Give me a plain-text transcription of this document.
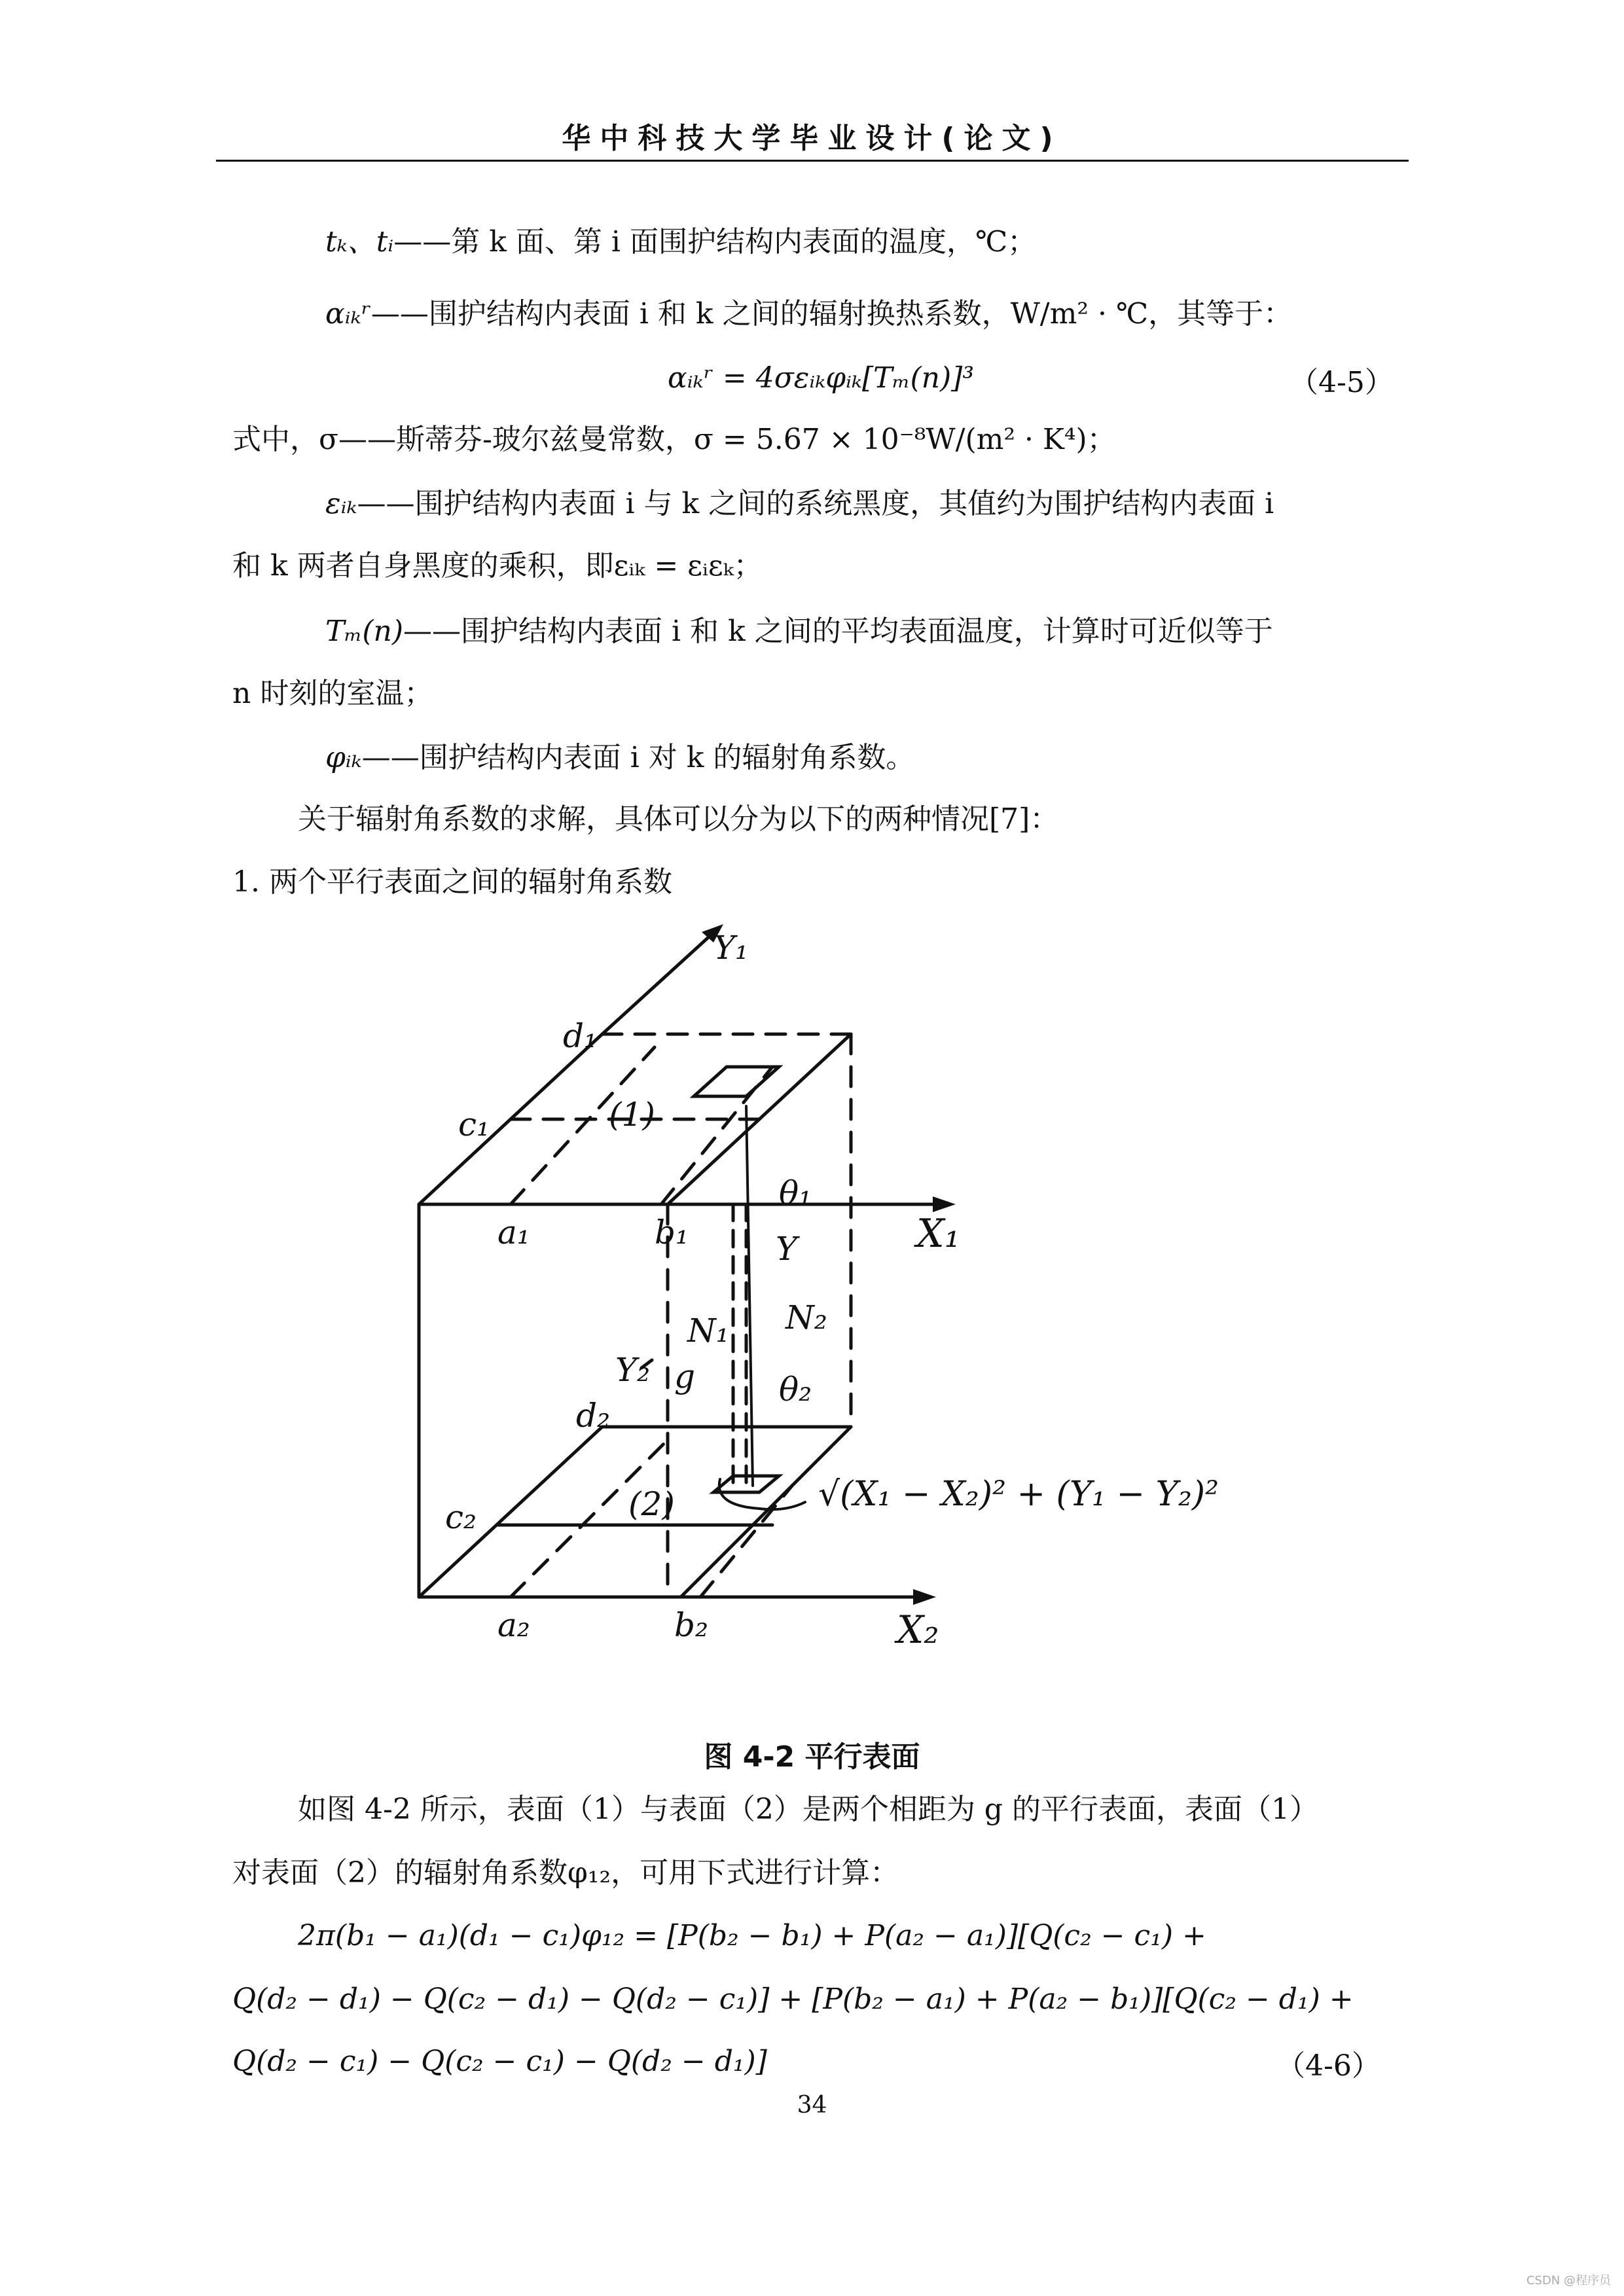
华中科技大学毕业设计(论文)
tₖ、tᵢ——第 k 面、第 i 面围护结构内表面的温度，℃；
αᵢₖʳ——围护结构内表面 i 和 k 之间的辐射换热系数，W/m² · ℃，其等于：
αᵢₖʳ = 4σεᵢₖφᵢₖ[Tₘ(n)]³	（4-5）
式中，σ——斯蒂芬-玻尔兹曼常数，σ = 5.67 × 10⁻⁸W/(m² · K⁴)；
εᵢₖ——围护结构内表面 i 与 k 之间的系统黑度，其值约为围护结构内表面 i
和 k 两者自身黑度的乘积，即εᵢₖ = εᵢεₖ；
Tₘ(n)——围护结构内表面 i 和 k 之间的平均表面温度，计算时可近似等于
n 时刻的室温；
φᵢₖ——围护结构内表面 i 对 k 的辐射角系数。
关于辐射角系数的求解，具体可以分为以下的两种情况[7]：
1. 两个平行表面之间的辐射角系数
Y₁
d₁
c₁	(1)
θ₁
a₁	b₁	X₁
Y
N₁ N₂
Y₂ g	θ₂
d₂
c₂	(2)	√(X₁ − X₂)² + (Y₁ − Y₂)²
a₂	b₂	X₂
图 4-2 平行表面
如图 4-2 所示，表面（1）与表面（2）是两个相距为 g 的平行表面，表面（1）
对表面（2）的辐射角系数φ₁₂，可用下式进行计算：
2π(b₁ − a₁)(d₁ − c₁)φ₁₂ = [P(b₂ − b₁) + P(a₂ − a₁)][Q(c₂ − c₁) +
Q(d₂ − d₁) − Q(c₂ − d₁) − Q(d₂ − c₁)] + [P(b₂ − a₁) + P(a₂ − b₁)][Q(c₂ − d₁) +
Q(d₂ − c₁) − Q(c₂ − c₁) − Q(d₂ − d₁)]	（4-6）
34
CSDN @程序员
